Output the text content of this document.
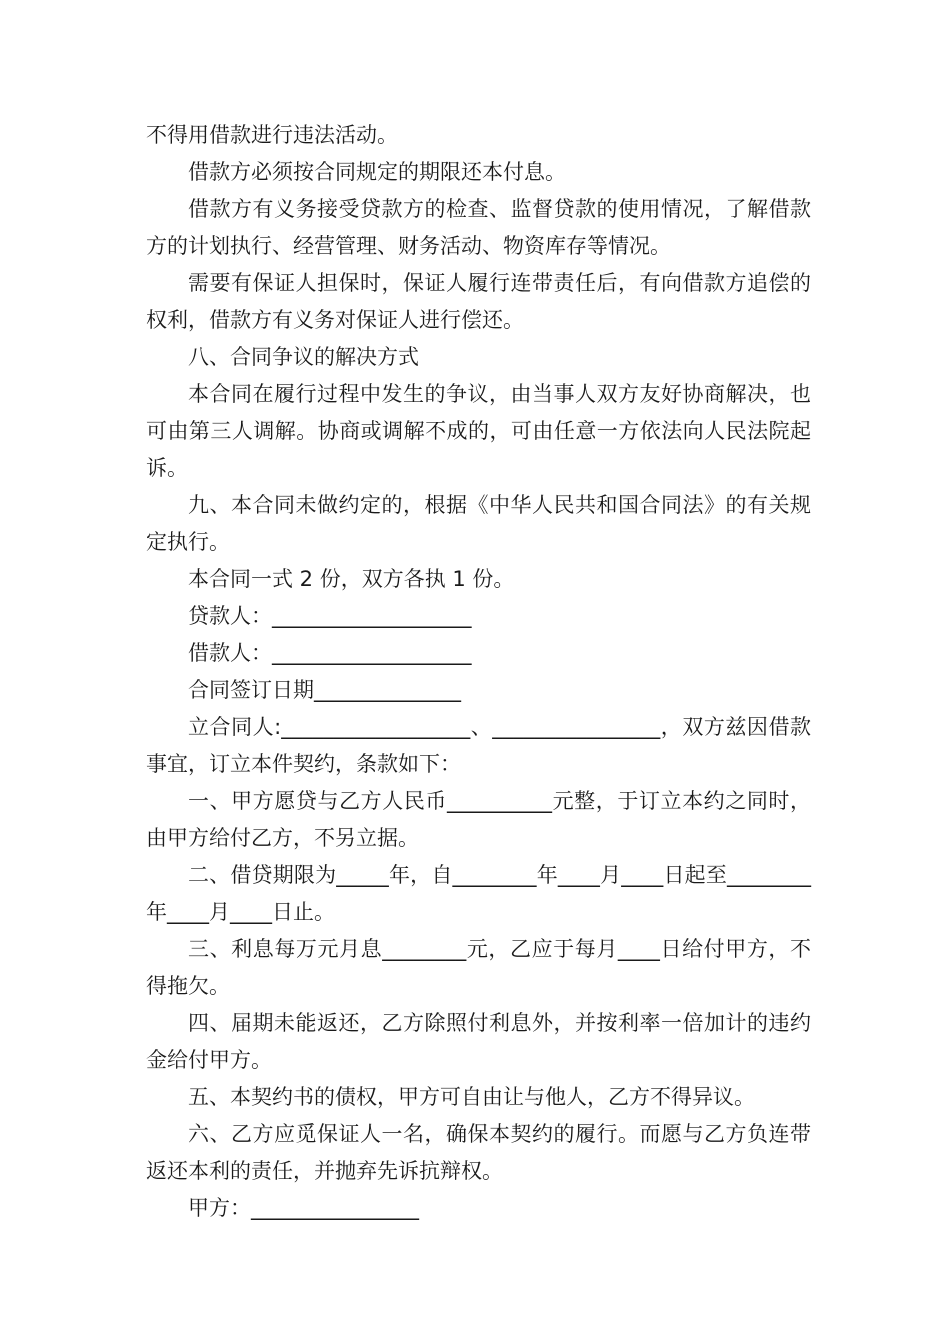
不得用借款进行违法活动。

借款方必须按合同规定的期限还本付息。

借款方有义务接受贷款方的检查、监督贷款的使用情况，了解借款方的计划执行、经营管理、财务活动、物资库存等情况。

需要有保证人担保时，保证人履行连带责任后，有向借款方追偿的权利，借款方有义务对保证人进行偿还。

八、合同争议的解决方式

本合同在履行过程中发生的争议，由当事人双方友好协商解决，也可由第三人调解。协商或调解不成的，可由任意一方依法向人民法院起诉。

九、本合同未做约定的，根据《中华人民共和国合同法》的有关规定执行。

本合同一式 2 份，双方各执 1 份。

贷款人：___________________

借款人：___________________

合同签订日期______________

立合同人:__________________、________________，双方兹因借款事宜，订立本件契约，条款如下：

一、甲方愿贷与乙方人民币__________元整，于订立本约之同时，由甲方给付乙方，不另立据。

二、借贷期限为_____年，自________年____月____日起至________年____月____日止。

三、利息每万元月息________元，乙应于每月____日给付甲方，不得拖欠。

四、届期未能返还，乙方除照付利息外，并按利率一倍加计的违约金给付甲方。

五、本契约书的债权，甲方可自由让与他人，乙方不得异议。

六、乙方应觅保证人一名，确保本契约的履行。而愿与乙方负连带返还本利的责任，并抛弃先诉抗辩权。

甲方：________________
